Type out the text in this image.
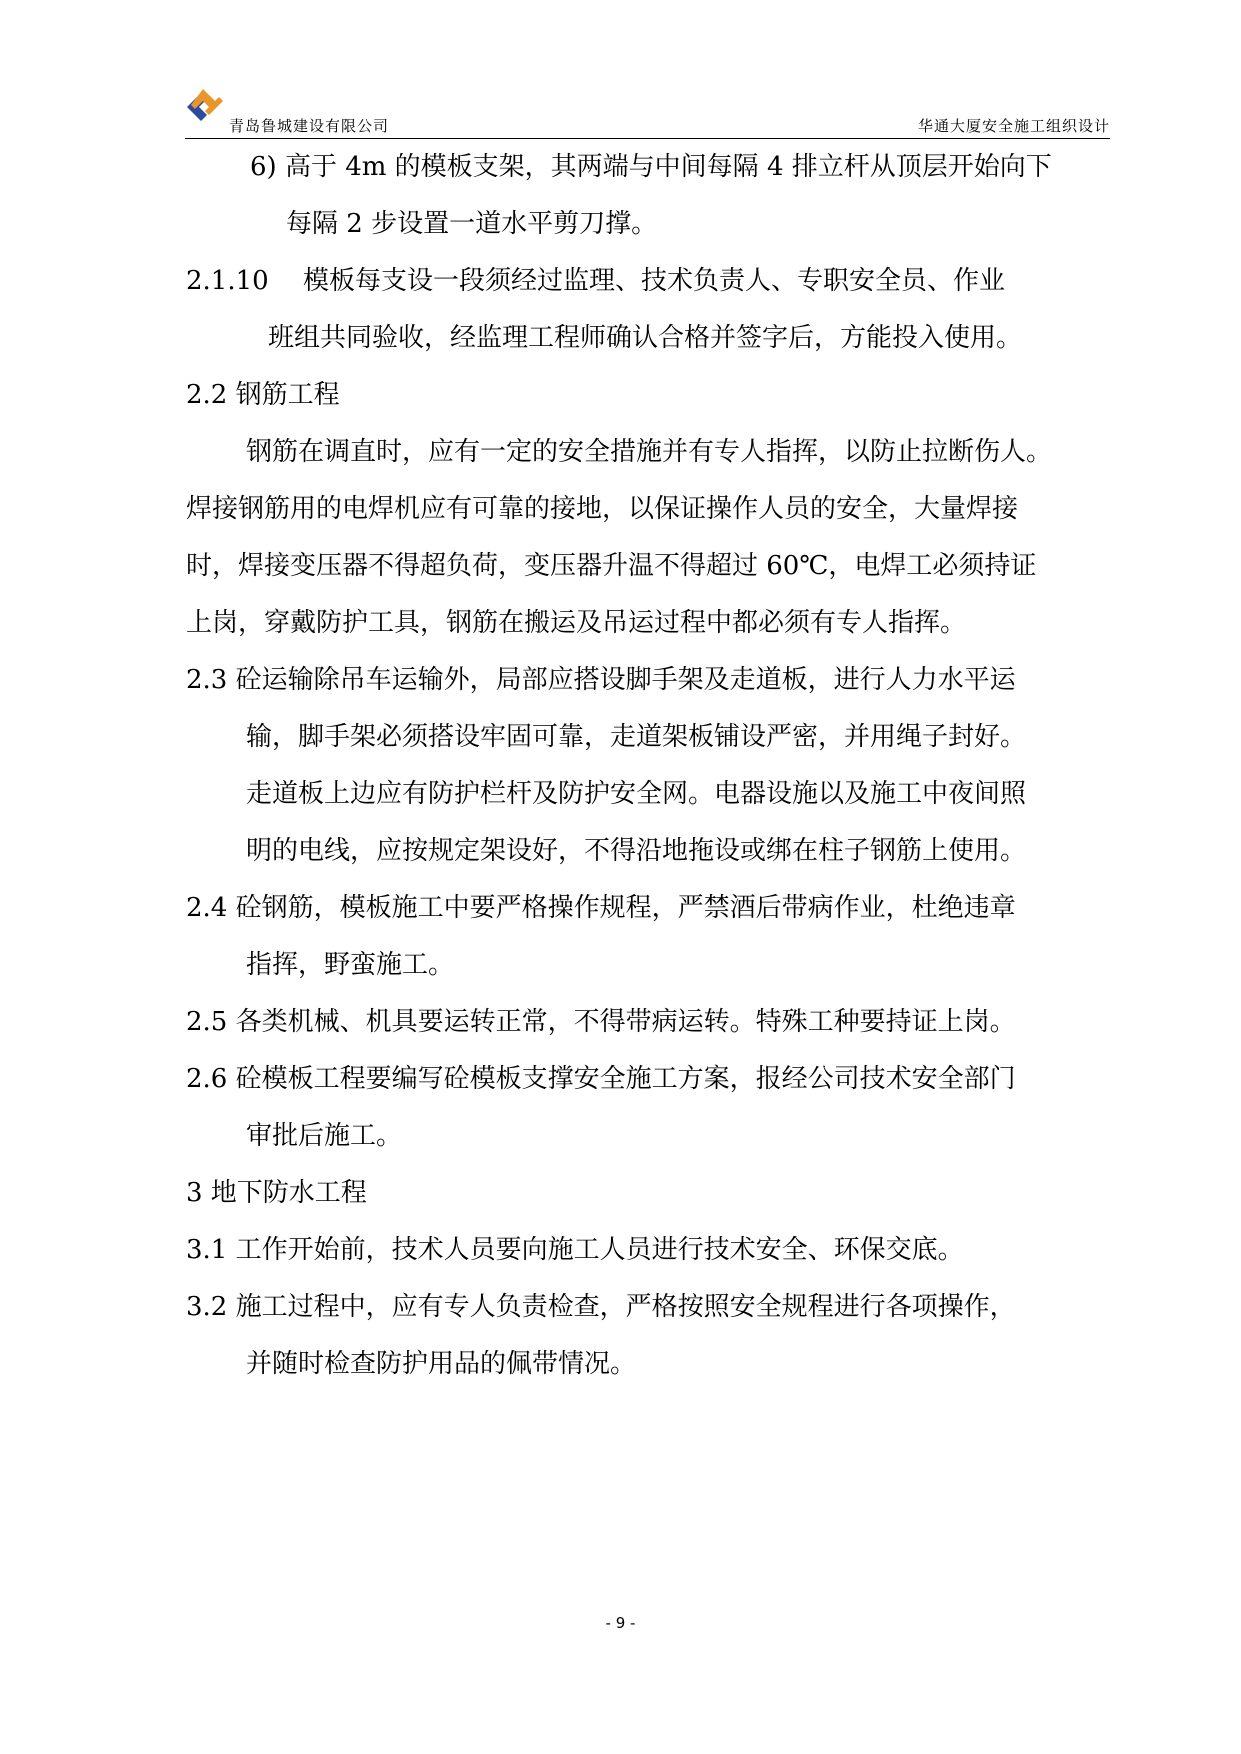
青岛鲁城建设有限公司	华通大厦安全施工组织设计
6) 高于 4m 的模板支架，其两端与中间每隔 4 排立杆从顶层开始向下
每隔 2 步设置一道水平剪刀撑。
2.1.10　 模板每支设一段须经过监理、技术负责人、专职安全员、作业
班组共同验收，经监理工程师确认合格并签字后，方能投入使用。
2.2 钢筋工程
钢筋在调直时，应有一定的安全措施并有专人指挥，以防止拉断伤人。
焊接钢筋用的电焊机应有可靠的接地，以保证操作人员的安全，大量焊接
时，焊接变压器不得超负荷，变压器升温不得超过 60℃，电焊工必须持证
上岗，穿戴防护工具，钢筋在搬运及吊运过程中都必须有专人指挥。
2.3 砼运输除吊车运输外，局部应搭设脚手架及走道板，进行人力水平运
输，脚手架必须搭设牢固可靠，走道架板铺设严密，并用绳子封好。
走道板上边应有防护栏杆及防护安全网。电器设施以及施工中夜间照
明的电线，应按规定架设好，不得沿地拖设或绑在柱子钢筋上使用。
2.4 砼钢筋，模板施工中要严格操作规程，严禁酒后带病作业，杜绝违章
指挥，野蛮施工。
2.5 各类机械、机具要运转正常，不得带病运转。特殊工种要持证上岗。
2.6 砼模板工程要编写砼模板支撑安全施工方案，报经公司技术安全部门
审批后施工。
3 地下防水工程
3.1 工作开始前，技术人员要向施工人员进行技术安全、环保交底。
3.2 施工过程中，应有专人负责检查，严格按照安全规程进行各项操作，
并随时检查防护用品的佩带情况。
- 9 -
